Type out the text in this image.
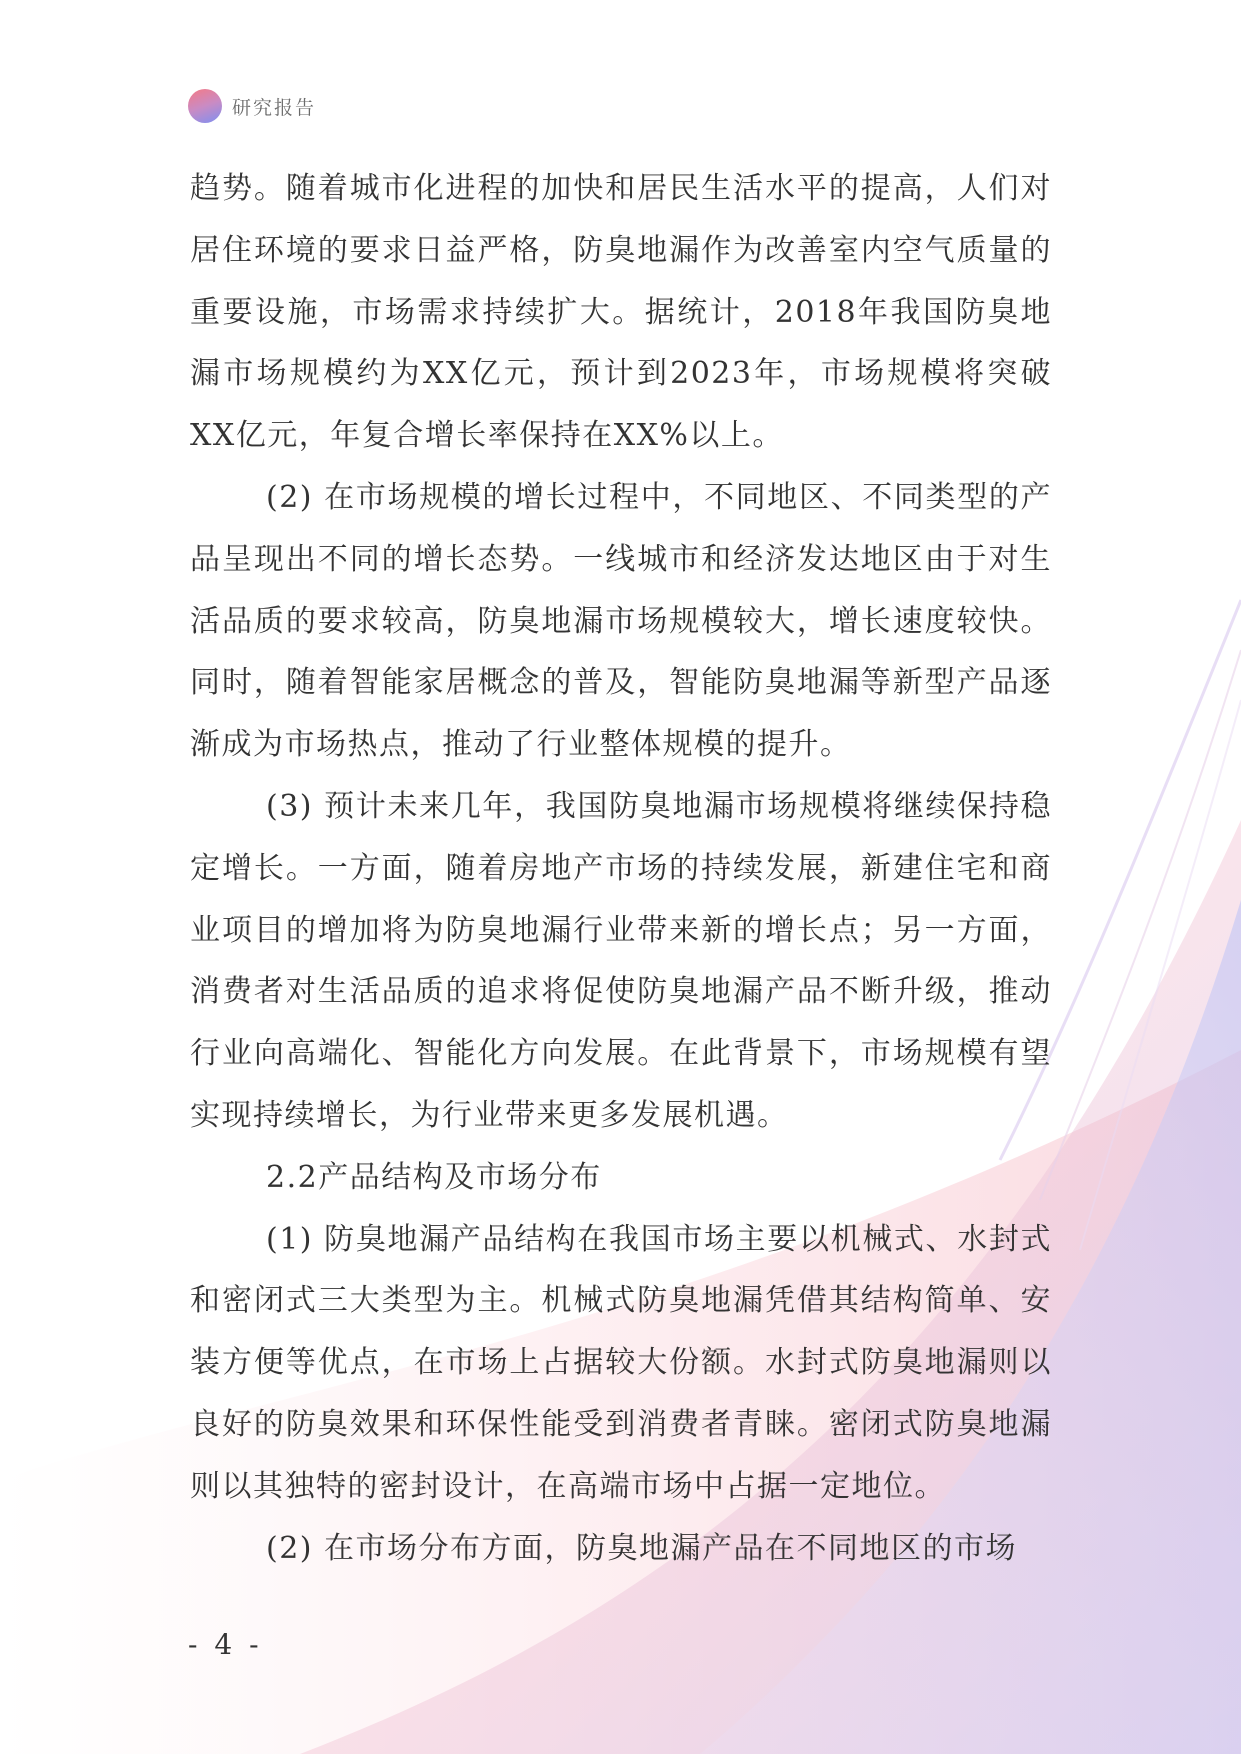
研究报告

趋势。随着城市化进程的加快和居民生活水平的提高，人们对居住环境的要求日益严格，防臭地漏作为改善室内空气质量的重要设施，市场需求持续扩大。据统计，2018年我国防臭地漏市场规模约为XX亿元，预计到2023年，市场规模将突破XX亿元，年复合增长率保持在XX%以上。

(2) 在市场规模的增长过程中，不同地区、不同类型的产品呈现出不同的增长态势。一线城市和经济发达地区由于对生活品质的要求较高，防臭地漏市场规模较大，增长速度较快。同时，随着智能家居概念的普及，智能防臭地漏等新型产品逐渐成为市场热点，推动了行业整体规模的提升。

(3) 预计未来几年，我国防臭地漏市场规模将继续保持稳定增长。一方面，随着房地产市场的持续发展，新建住宅和商业项目的增加将为防臭地漏行业带来新的增长点；另一方面，消费者对生活品质的追求将促使防臭地漏产品不断升级，推动行业向高端化、智能化方向发展。在此背景下，市场规模有望实现持续增长，为行业带来更多发展机遇。

2.2产品结构及市场分布

(1) 防臭地漏产品结构在我国市场主要以机械式、水封式和密闭式三大类型为主。机械式防臭地漏凭借其结构简单、安装方便等优点，在市场上占据较大份额。水封式防臭地漏则以良好的防臭效果和环保性能受到消费者青睐。密闭式防臭地漏则以其独特的密封设计，在高端市场中占据一定地位。

(2) 在市场分布方面，防臭地漏产品在不同地区的市场

- 4 -
